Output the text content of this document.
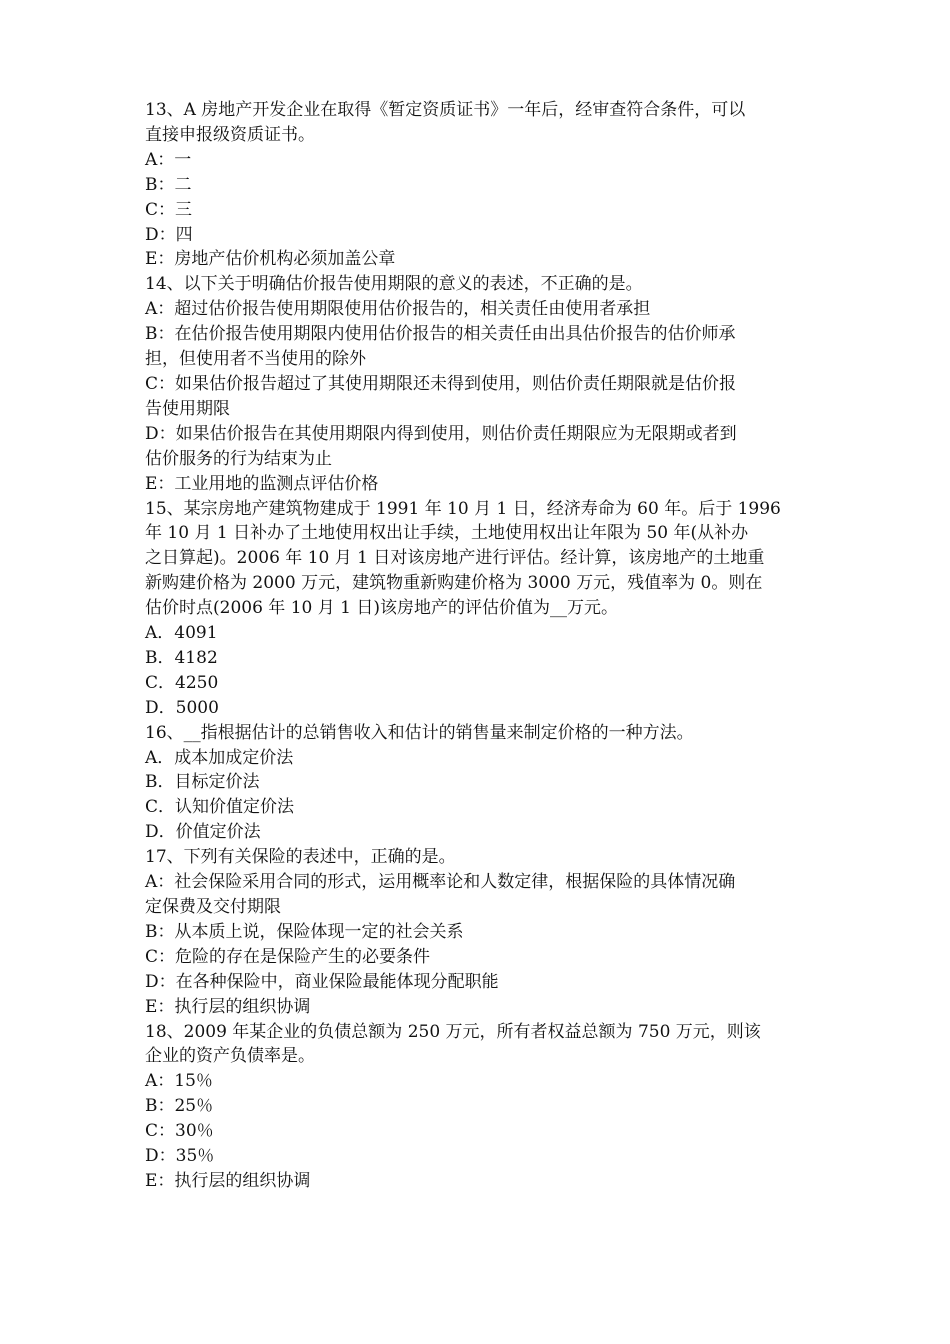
13、A 房地产开发企业在取得《暂定资质证书》一年后，经审查符合条件，可以
直接申报级资质证书。
A：一
B：二
C：三
D：四
E：房地产估价机构必须加盖公章
14、以下关于明确估价报告使用期限的意义的表述，不正确的是。
A：超过估价报告使用期限使用估价报告的，相关责任由使用者承担
B：在估价报告使用期限内使用估价报告的相关责任由出具估价报告的估价师承
担，但使用者不当使用的除外
C：如果估价报告超过了其使用期限还未得到使用，则估价责任期限就是估价报
告使用期限
D：如果估价报告在其使用期限内得到使用，则估价责任期限应为无限期或者到
估价服务的行为结束为止
E：工业用地的监测点评估价格
15、某宗房地产建筑物建成于 1991 年 10 月 1 日，经济寿命为 60 年。后于 1996
年 10 月 1 日补办了土地使用权出让手续，土地使用权出让年限为 50 年(从补办
之日算起)。2006 年 10 月 1 日对该房地产进行评估。经计算，该房地产的土地重
新购建价格为 2000 万元，建筑物重新购建价格为 3000 万元，残值率为 0。则在
估价时点(2006 年 10 月 1 日)该房地产的评估价值为__万元。
A．4091
B．4182
C．4250
D．5000
16、__指根据估计的总销售收入和估计的销售量来制定价格的一种方法。
A．成本加成定价法
B．目标定价法
C．认知价值定价法
D．价值定价法
17、下列有关保险的表述中，正确的是。
A：社会保险采用合同的形式，运用概率论和人数定律，根据保险的具体情况确
定保费及交付期限
B：从本质上说，保险体现一定的社会关系
C：危险的存在是保险产生的必要条件
D：在各种保险中，商业保险最能体现分配职能
E：执行层的组织协调
18、2009 年某企业的负债总额为 250 万元，所有者权益总额为 750 万元，则该
企业的资产负债率是。
A：15％
B：25％
C：30％
D：35％
E：执行层的组织协调
